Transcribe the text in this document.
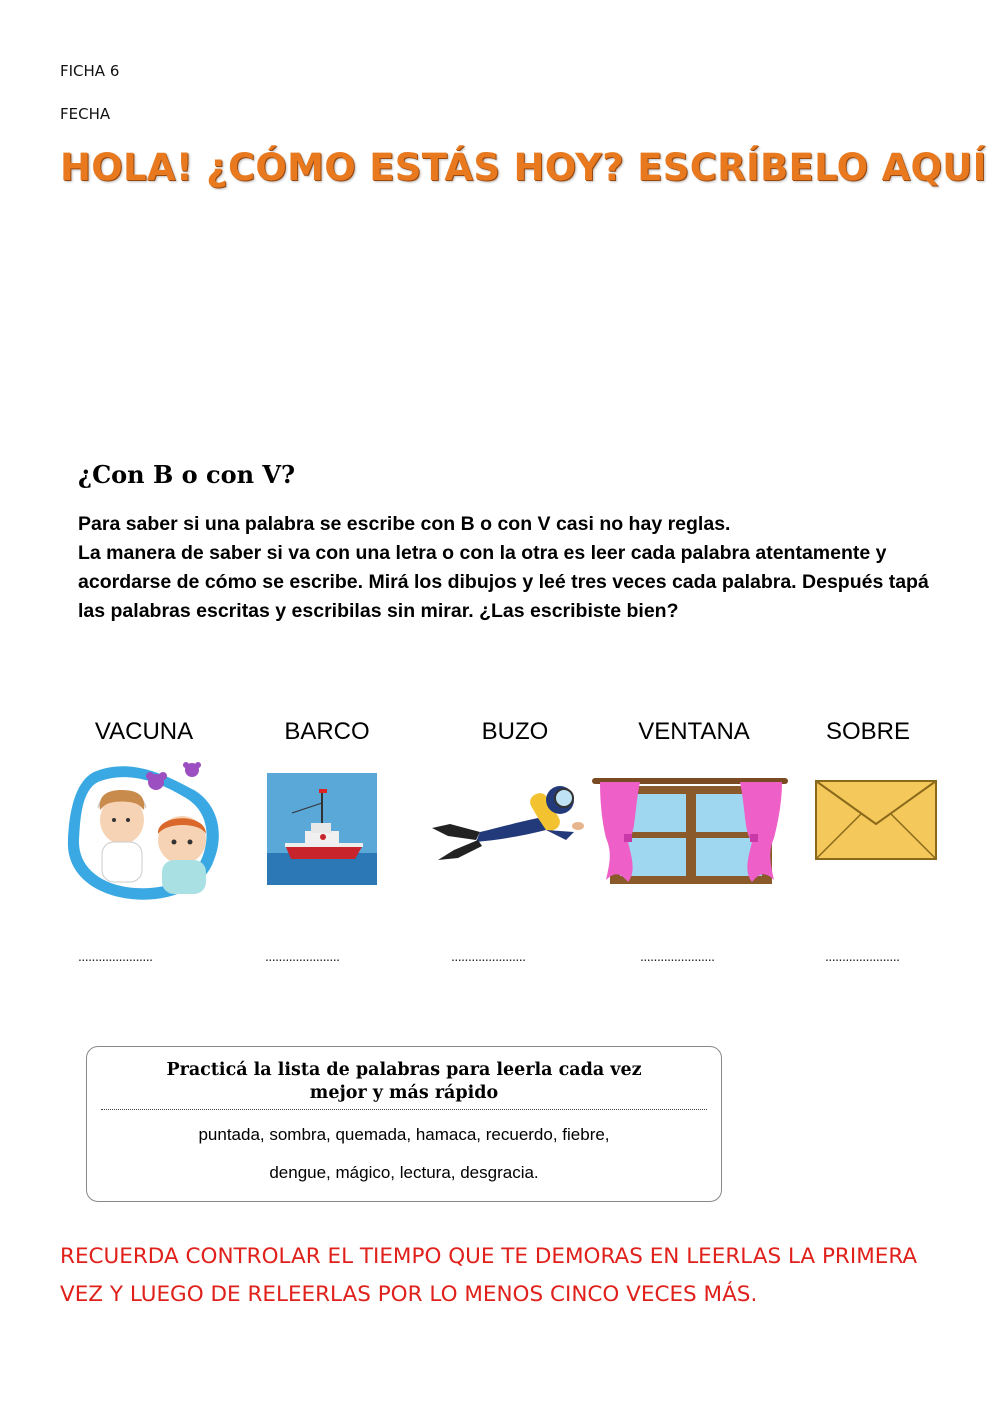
FICHA 6
FECHA
HOLA! ¿CÓMO ESTÁS HOY? ESCRÍBELO AQUÍ
¿Con B o con V?

Para saber si una palabra se escribe con B o con V casi no hay reglas.

La manera de saber si va con una letra o con la otra es leer cada palabra atentamente y acordarse de cómo se escribe. Mirá los dibujos y leé tres veces cada palabra. Después tapá las palabras escritas y escribilas sin mirar. ¿Las escribiste bien?

VACUNA	BARCO	BUZO	VENTANA	SOBRE
......................	......................	......................	......................	......................
Practicá la lista de palabras para leerla cada vez
mejor y más rápido
puntada, sombra, quemada, hamaca, recuerdo, fiebre,
dengue, mágico, lectura, desgracia.

RECUERDA CONTROLAR EL TIEMPO QUE TE DEMORAS EN LEERLAS LA PRIMERA

VEZ Y LUEGO DE RELEERLAS POR LO MENOS CINCO VECES MÁS.
